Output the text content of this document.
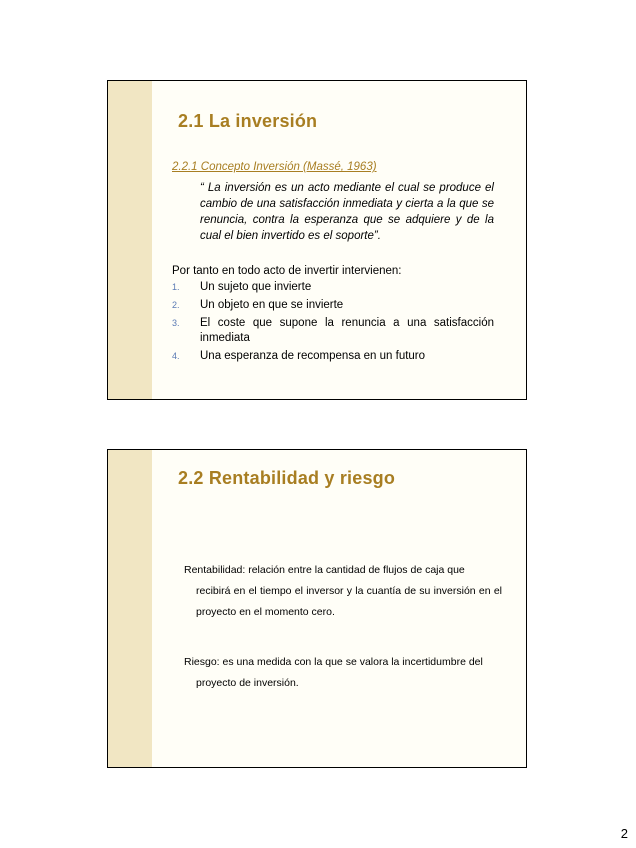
2.1 La inversión
2.2.1 Concepto Inversión (Massé, 1963)

“ La inversión es un acto mediante el cual se produce el cambio de una satisfacción inmediata y cierta a la que se renuncia, contra la esperanza que se adquiere y de la cual el bien invertido es el soporte”.

Por tanto en todo acto de invertir intervienen:
1. Un sujeto que invierte
2. Un objeto en que se invierte
3. El coste que supone la renuncia a una satisfacción inmediata
4. Una esperanza de recompensa en un futuro
2.2 Rentabilidad y riesgo

Rentabilidad: relación entre la cantidad de flujos de caja que
recibirá en el tiempo el inversor y la cuantía de su inversión en el proyecto en el momento cero.

Riesgo: es una medida con la que se valora la incertidumbre del
proyecto de inversión.

2
